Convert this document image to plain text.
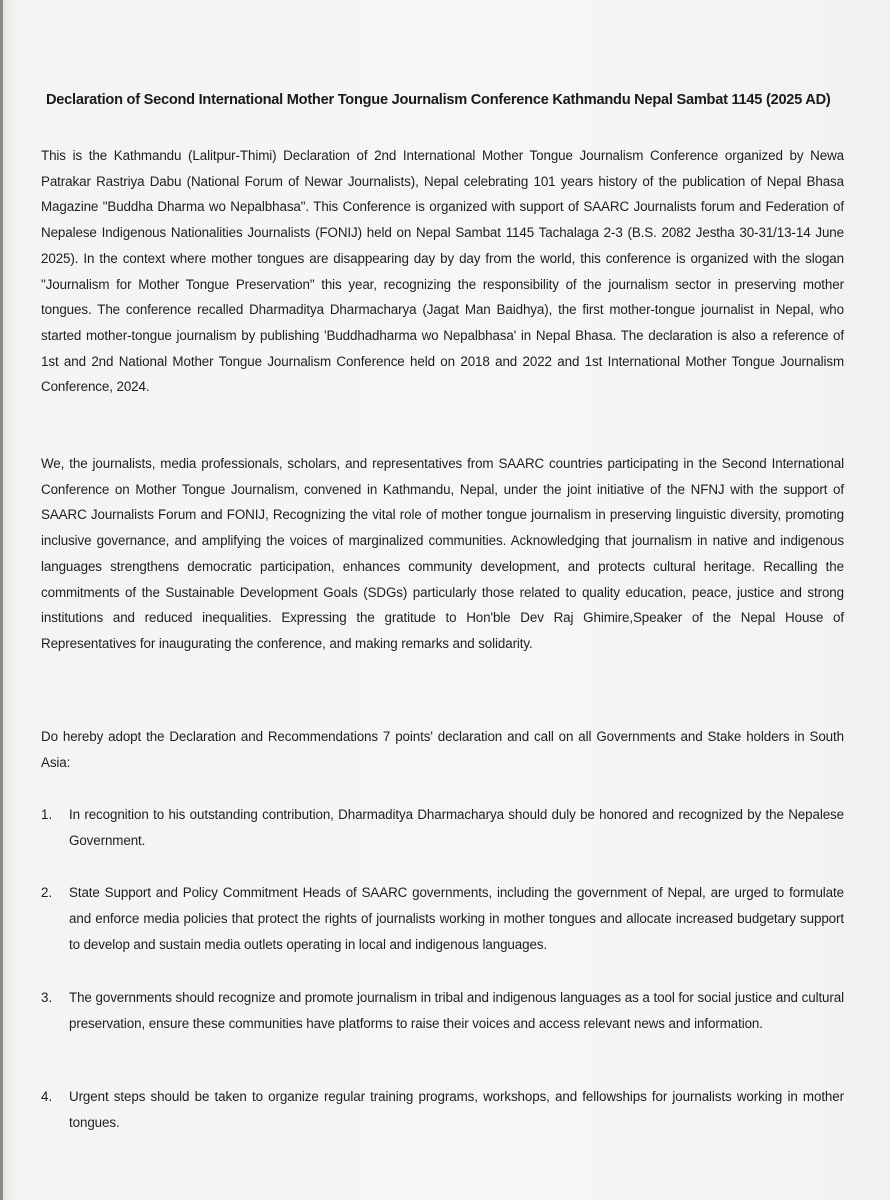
Declaration of Second International Mother Tongue Journalism Conference Kathmandu Nepal Sambat 1145 (2025 AD)
This is the Kathmandu (Lalitpur-Thimi) Declaration of 2nd International Mother Tongue Journalism Conference organized by Newa Patrakar Rastriya Dabu (National Forum of Newar Journalists), Nepal celebrating 101 years history of the publication of Nepal Bhasa Magazine "Buddha Dharma wo Nepalbhasa". This Conference is organized with support of SAARC Journalists forum and Federation of Nepalese Indigenous Nationalities Journalists (FONIJ) held on Nepal Sambat 1145 Tachalaga 2-3 (B.S. 2082 Jestha 30-31/13-14 June 2025). In the context where mother tongues are disappearing day by day from the world, this conference is organized with the slogan "Journalism for Mother Tongue Preservation" this year, recognizing the responsibility of the journalism sector in preserving mother tongues. The conference recalled Dharmaditya Dharmacharya (Jagat Man Baidhya), the first mother-tongue journalist in Nepal, who started mother-tongue journalism by publishing 'Buddhadharma wo Nepalbhasa' in Nepal Bhasa. The declaration is also a reference of 1st and 2nd National Mother Tongue Journalism Conference held on 2018 and 2022 and 1st International Mother Tongue Journalism Conference, 2024.
We, the journalists, media professionals, scholars, and representatives from SAARC countries participating in the Second International Conference on Mother Tongue Journalism, convened in Kathmandu, Nepal, under the joint initiative of the NFNJ with the support of SAARC Journalists Forum and FONIJ, Recognizing the vital role of mother tongue journalism in preserving linguistic diversity, promoting inclusive governance, and amplifying the voices of marginalized communities. Acknowledging that journalism in native and indigenous languages strengthens democratic participation, enhances community development, and protects cultural heritage. Recalling the commitments of the Sustainable Development Goals (SDGs) particularly those related to quality education, peace, justice and strong institutions and reduced inequalities. Expressing the gratitude to Hon'ble Dev Raj Ghimire,Speaker of the Nepal House of Representatives for inaugurating the conference, and making remarks and solidarity.
Do hereby adopt the Declaration and Recommendations 7 points' declaration and call on all Governments and Stake holders in South Asia:
1.	In recognition to his outstanding contribution, Dharmaditya Dharmacharya should duly be honored and recognized by the Nepalese Government.
2.	State Support and Policy Commitment Heads of SAARC governments, including the government of Nepal, are urged to formulate and enforce media policies that protect the rights of journalists working in mother tongues and allocate increased budgetary support to develop and sustain media outlets operating in local and indigenous languages.
3.	The governments should recognize and promote journalism in tribal and indigenous languages as a tool for social justice and cultural preservation, ensure these communities have platforms to raise their voices and access relevant news and information.
4.	Urgent steps should be taken to organize regular training programs, workshops, and fellowships for journalists working in mother tongues.
